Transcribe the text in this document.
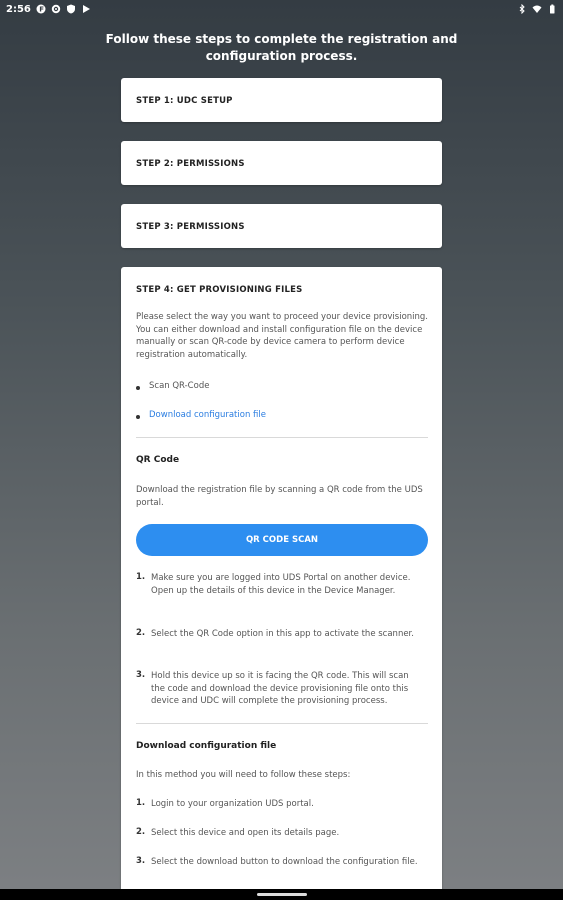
2:56 F
Follow these steps to complete the registration and configuration process.
STEP 1: UDC SETUP
STEP 2: PERMISSIONS
STEP 3: PERMISSIONS
STEP 4: GET PROVISIONING FILES
Please select the way you want to proceed your device provisioning. You can either download and install configuration file on the device manually or scan QR-code by device camera to perform device registration automatically.
Scan QR-Code
Download configuration file
QR Code
Download the registration file by scanning a QR code from the UDS portal.
QR CODE SCAN
1. Make sure you are logged into UDS Portal on another device. Open up the details of this device in the Device Manager.
2. Select the QR Code option in this app to activate the scanner.
3. Hold this device up so it is facing the QR code. This will scan the code and download the device provisioning file onto this device and UDC will complete the provisioning process.
Download configuration file
In this method you will need to follow these steps:
1. Login to your organization UDS portal.
2. Select this device and open its details page.
3. Select the download button to download the configuration file.
